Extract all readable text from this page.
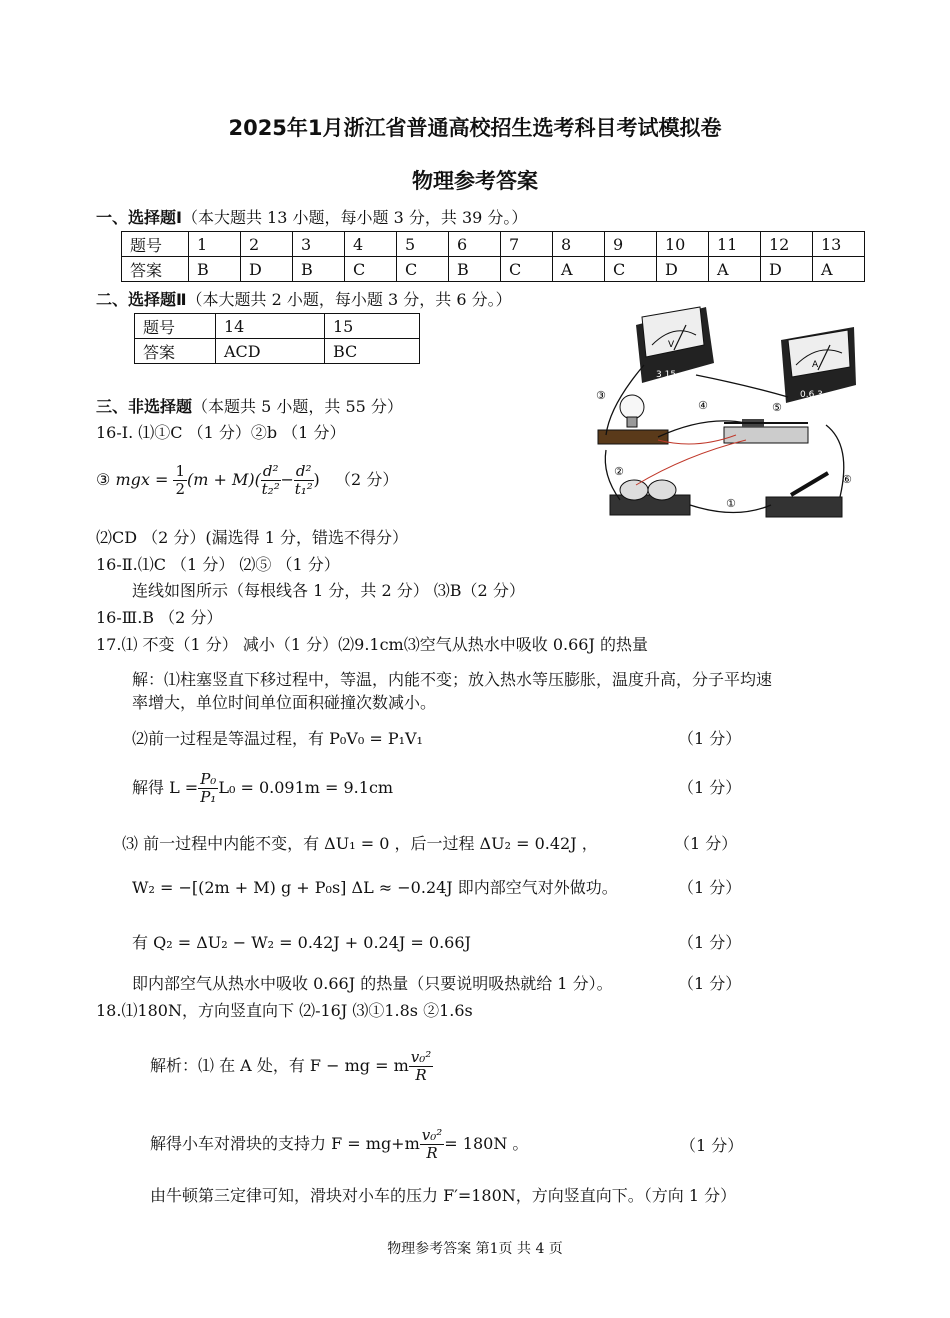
2025年1月浙江省普通高校招生选考科目考试模拟卷
物理参考答案
一、选择题Ⅰ（本大题共 13 小题，每小题 3 分，共 39 分。）
题号	1	2	3	4	5	6	7	8	9	10	11	12	13
答案	B	D	B	C	C	B	C	A	C	D	A	D	A
二、选择题Ⅱ（本大题共 2 小题，每小题 3 分，共 6 分。）
题号	14	15
答案	ACD	BC	V
3 15
A
0.6 3
①
②
③
④	⑤
⑥
三、非选择题（本题共 5 小题，共 55 分）
16-Ⅰ. ⑴①C （1 分）②b （1 分）
③ mgx = $\frac{1}{2} (m + M)( \frac{\text{d²}}{\text{t₂²}} - \frac{\text{d²}}{\text{t₁²}}$ ) （2 分）
⑵CD （2 分）(漏选得 1 分，错选不得分）
16-Ⅱ.⑴C （1 分） ⑵⑤ （1 分）
连线如图所示（每根线各 1 分，共 2 分） ⑶B（2 分）
16-Ⅲ.B （2 分）
17.⑴ 不变（1 分） 减小（1 分）⑵9.1cm⑶空气从热水中吸收 0.66J 的热量
解：⑴柱塞竖直下移过程中，等温，内能不变；放入热水等压膨胀，温度升高，分子平均速
率增大，单位时间单位面积碰撞次数减小。
⑵前一过程是等温过程，有 P₀V₀ = P₁V₁	（1 分）
解得 $L = \frac{\text{P₀}}{\text{P₁}} L_0 = 0.091m = 9.1cm$	（1 分）
⑶ 前一过程中内能不变，有 ΔU₁ = 0 ，后一过程 ΔU₂ = 0.42J ，	（1 分）
W₂ = −[(2m + M) g + P₀s] ΔL ≈ −0.24J 即内部空气对外做功。	（1 分）
有 Q₂ = ΔU₂ − W₂ = 0.42J + 0.24J = 0.66J	（1 分）
即内部空气从热水中吸收 0.66J 的热量（只要说明吸热就给 1 分）。	（1 分）
18.⑴180N，方向竖直向下 ⑵-16J ⑶①1.8s ②1.6s
解析：⑴ 在 A 处，有 F − mg = m $\frac{\text{v₀²}}{R}$
解得小车对滑块的支持力 $F = mg+m \frac{\text{v₀²}}{R} = 180N$ 。	（1 分）
由牛顿第三定律可知，滑块对小车的压力 F′=180N，方向竖直向下。（方向 1 分）
物理参考答案 第1页 共 4 页
